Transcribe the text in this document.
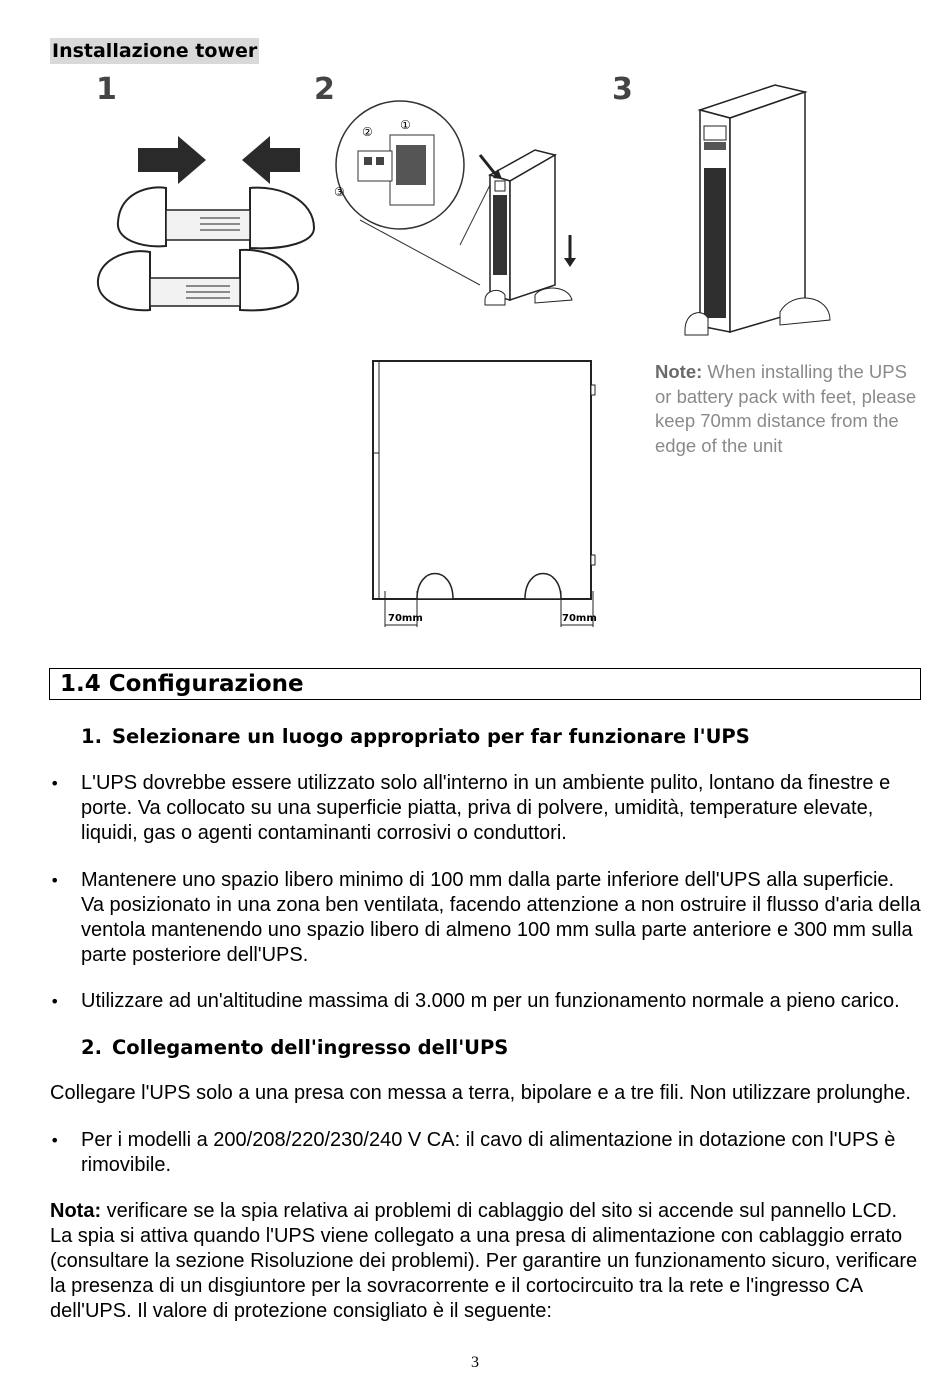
Installazione tower
1	2	3
①
②
③
70mm	70mm
Note: When installing the UPS or battery pack with feet, please keep 70mm distance from the edge of the unit
1.4 Configurazione
1. Selezionare un luogo appropriato per far funzionare l'UPS
• L'UPS dovrebbe essere utilizzato solo all'interno in un ambiente pulito, lontano da finestre e porte. Va collocato su una superficie piatta, priva di polvere, umidità, temperature elevate, liquidi, gas o agenti contaminanti corrosivi o conduttori.
• Mantenere uno spazio libero minimo di 100 mm dalla parte inferiore dell'UPS alla superficie. Va posizionato in una zona ben ventilata, facendo attenzione a non ostruire il flusso d'aria della ventola mantenendo uno spazio libero di almeno 100 mm sulla parte anteriore e 300 mm sulla parte posteriore dell'UPS.
• Utilizzare ad un'altitudine massima di 3.000 m per un funzionamento normale a pieno carico.
2. Collegamento dell'ingresso dell'UPS
Collegare l'UPS solo a una presa con messa a terra, bipolare e a tre fili. Non utilizzare prolunghe.
• Per i modelli a 200/208/220/230/240 V CA: il cavo di alimentazione in dotazione con l'UPS è rimovibile.
Nota: verificare se la spia relativa ai problemi di cablaggio del sito si accende sul pannello LCD. La spia si attiva quando l'UPS viene collegato a una presa di alimentazione con cablaggio errato (consultare la sezione Risoluzione dei problemi). Per garantire un funzionamento sicuro, verificare la presenza di un disgiuntore per la sovracorrente e il cortocircuito tra la rete e l'ingresso CA dell'UPS. Il valore di protezione consigliato è il seguente:
3
